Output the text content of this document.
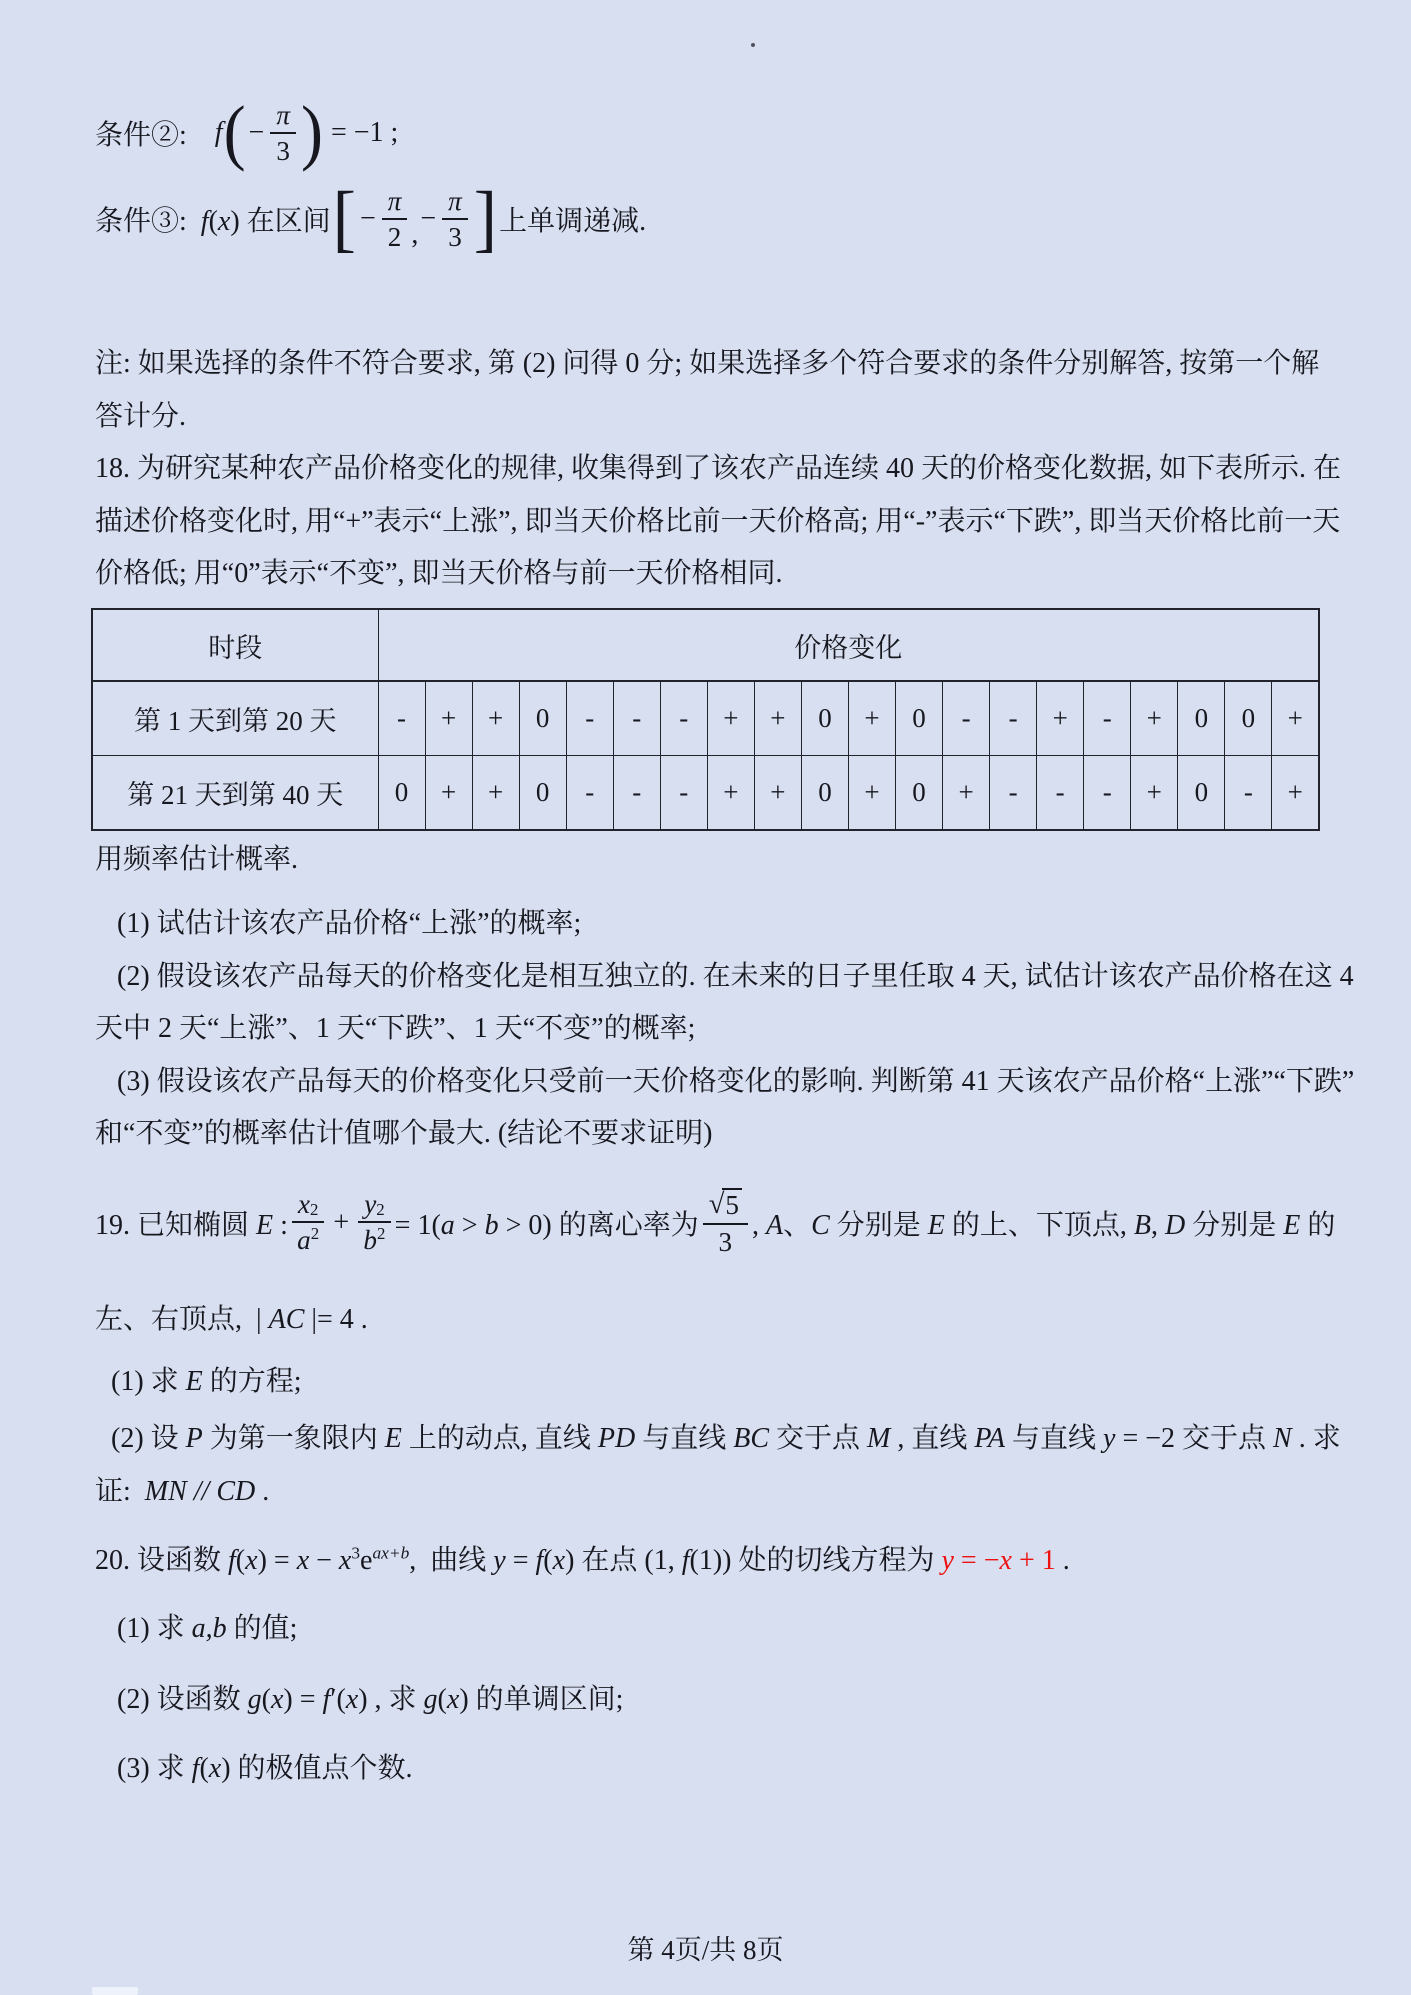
条件②: f ( − $\frac{\pi}{3}$ ) = −1 ;
条件③:  f(x) 在区间 [ − $\frac{\pi}{2}$ ,
− $\frac{\pi}{3}$ ] 上单调递减.
注: 如果选择的条件不符合要求, 第 (2) 问得 0 分; 如果选择多个符合要求的条件分别解答, 按第一个解
答计分.
18. 为研究某种农产品价格变化的规律, 收集得到了该农产品连续 40 天的价格变化数据, 如下表所示. 在
描述价格变化时, 用“+”表示“上涨”, 即当天价格比前一天价格高; 用“-”表示“下跌”, 即当天价格比前一天
价格低; 用“0”表示“不变”, 即当天价格与前一天价格相同.
时段	价格变化																			
第 1 天到第 20 天	-	+	+	0	-	-	-	+	+	0	+	0	-	-	+	-	+	0	0	+
第 21 天到第 40 天	0	+	+	0	-	-	-	+	+	0	+	0	+	-	-	-	+	0	-	+
用频率估计概率.
(1) 试估计该农产品价格“上涨”的概率;
(2) 假设该农产品每天的价格变化是相互独立的. 在未来的日子里任取 4 天, 试估计该农产品价格在这 4
天中 2 天“上涨”、1 天“下跌”、1 天“不变”的概率;
(3) 假设该农产品每天的价格变化只受前一天价格变化的影响. 判断第 41 天该农产品价格“上涨”“下跌”
和“不变”的概率估计值哪个最大. (结论不要求证明)
19. 已知椭圆 E : $\frac{x_2}{a^2} + \frac{y_2}{b^2} = 1(a > b > 0)$ 的离心率为 $\frac{√ 5}{3}$ , A、C 分别是 E 的上、下顶点, B, D 分别是 E 的
左、右顶点,  | AC |= 4 .
(1) 求 E 的方程;
(2) 设 P 为第一象限内 E 上的动点, 直线 PD 与直线 BC 交于点 M , 直线 PA 与直线 y = −2 交于点 N . 求
证:  MN // CD .
20. 设函数 $f(x) = x - x^3e^{ax+b}$,  曲线 y = f(x) 在点 (1, f(1)) 处的切线方程为 y = −x + 1 .
(1) 求 a,b 的值;
(2) 设函数 g(x) = f′(x) , 求 g(x) 的单调区间;
(3) 求 f(x) 的极值点个数.
第 4页/共 8页
